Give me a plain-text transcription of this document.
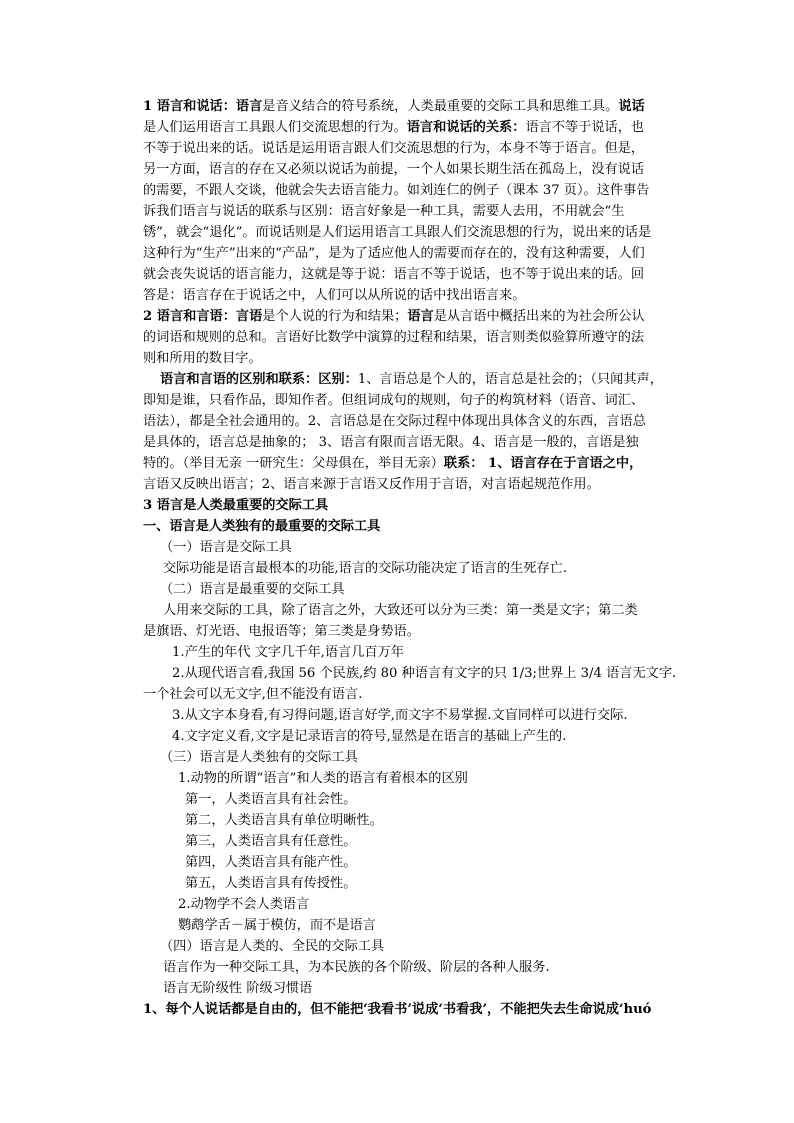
1 语言和说话：语言是音义结合的符号系统，人类最重要的交际工具和思维工具。说话
是人们运用语言工具跟人们交流思想的行为。语言和说话的关系：语言不等于说话，也
不等于说出来的话。说话是运用语言跟人们交流思想的行为，本身不等于语言。但是，
另一方面，语言的存在又必须以说话为前提，一个人如果长期生活在孤岛上，没有说话
的需要，不跟人交谈，他就会失去语言能力。如刘连仁的例子（课本 37 页）。这件事告
诉我们语言与说话的联系与区别：语言好象是一种工具，需要人去用，不用就会“生
锈”，就会“退化”。而说话则是人们运用语言工具跟人们交流思想的行为，说出来的话是
这种行为“生产”出来的“产品”，是为了适应他人的需要而存在的，没有这种需要，人们
就会丧失说话的语言能力，这就是等于说：语言不等于说话，也不等于说出来的话。回
答是：语言存在于说话之中，人们可以从所说的话中找出语言来。
2 语言和言语：言语是个人说的行为和结果；语言是从言语中概括出来的为社会所公认
的词语和规则的总和。言语好比数学中演算的过程和结果，语言则类似验算所遵守的法
则和所用的数目字。
语言和言语的区别和联系：区别：1、言语总是个人的，语言总是社会的；（只闻其声，
即知是谁，只看作品，即知作者。但组词成句的规则，句子的构筑材料（语音、词汇、
语法），都是全社会通用的。2、言语总是在交际过程中体现出具体含义的东西，言语总
是具体的，语言总是抽象的； 3、语言有限而言语无限。4、语言是一般的，言语是独
特的。（举目无亲 一研究生：父母俱在，举目无亲）联系： 1、语言存在于言语之中，
言语又反映出语言；2、语言来源于言语又反作用于言语，对言语起规范作用。
3 语言是人类最重要的交际工具
一、语言是人类独有的最重要的交际工具
（一）语言是交际工具
交际功能是语言最根本的功能,语言的交际功能决定了语言的生死存亡.
（二）语言是最重要的交际工具
人用来交际的工具，除了语言之外，大致还可以分为三类：第一类是文字；第二类
是旗语、灯光语、电报语等；第三类是身势语。
1.产生的年代 文字几千年,语言几百万年
2.从现代语言看,我国 56 个民族,约 80 种语言有文字的只 1/3;世界上 3/4 语言无文字.
一个社会可以无文字,但不能没有语言.
3.从文字本身看,有习得问题,语言好学,而文字不易掌握.文盲同样可以进行交际.
4.文字定义看,文字是记录语言的符号,显然是在语言的基础上产生的.
（三）语言是人类独有的交际工具
1.动物的所谓“语言”和人类的语言有着根本的区别
第一，人类语言具有社会性。
第二，人类语言具有单位明晰性。
第三，人类语言具有任意性。
第四，人类语言具有能产性。
第五，人类语言具有传授性。
2.动物学不会人类语言
鹦鹉学舌－属于模仿，而不是语言
（四）语言是人类的、全民的交际工具
语言作为一种交际工具，为本民族的各个阶级、阶层的各种人服务.
语言无阶级性 阶级习惯语
1、每个人说话都是自由的，但不能把‘我看书’说成‘书看我’，不能把失去生命说成‘huó
